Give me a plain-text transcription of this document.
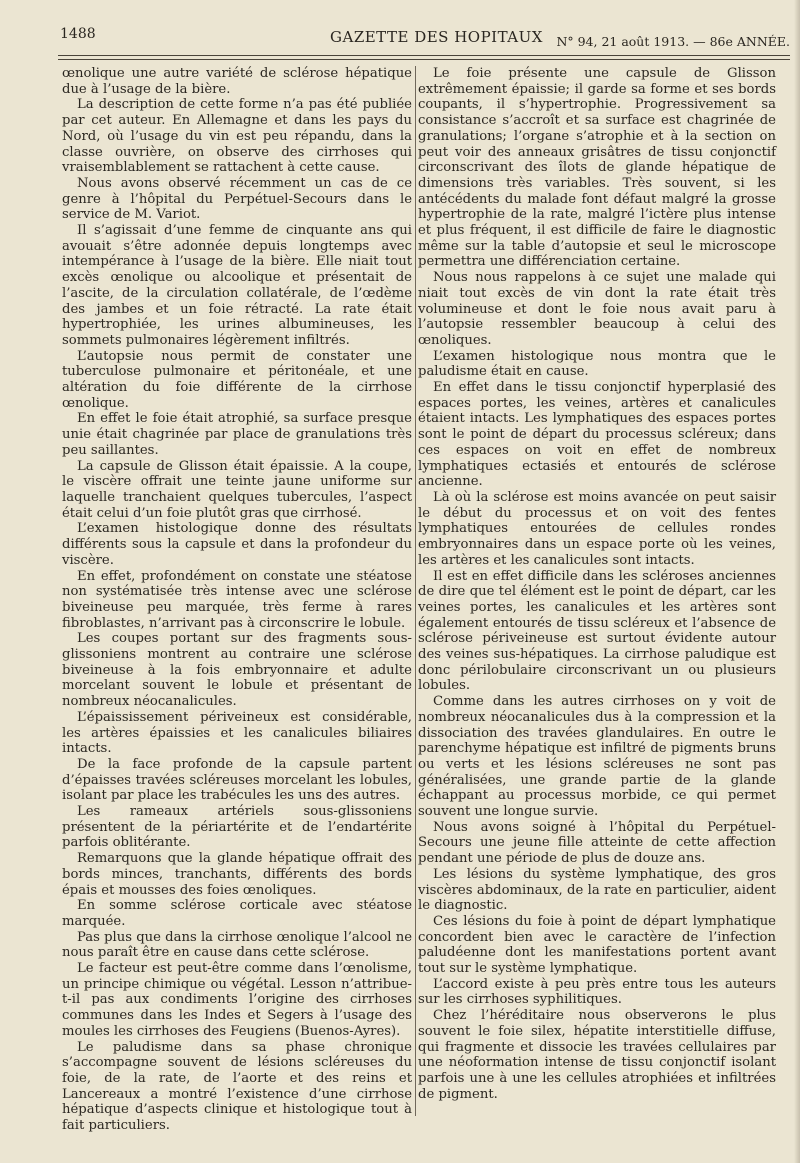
1488	GAZETTE DES HOPITAUX N° 94, 21 août 1913. — 86e ANNÉE.

œnolique une autre variété de sclérose hépatique due à l’usage de la bière.

La description de cette forme n’a pas été publiée par cet auteur. En Allemagne et dans les pays du Nord, où l’usage du vin est peu répandu, dans la classe ouvrière, on observe des cirrhoses qui vraisemblablement se rattachent à cette cause.

Nous avons observé récemment un cas de ce genre à l’hôpital du Perpétuel-Secours dans le service de M. Variot.

Il s’agissait d’une femme de cinquante ans qui avouait s’être adonnée depuis longtemps avec intempérance à l’usage de la bière. Elle niait tout excès œnolique ou alcoolique et présentait de l’ascite, de la circulation collatérale, de l’œdème des jambes et un foie rétracté. La rate était hypertrophiée, les urines albumineuses, les sommets pulmonaires légèrement infiltrés.

L’autopsie nous permit de constater une tuberculose pulmonaire et péritonéale, et une altération du foie différente de la cirrhose œnolique.

En effet le foie était atrophié, sa surface presque unie était chagrinée par place de granulations très peu saillantes.

La capsule de Glisson était épaissie. A la coupe, le viscère offrait une teinte jaune uniforme sur laquelle tranchaient quelques tubercules, l’aspect était celui d’un foie plutôt gras que cirrhosé.

L’examen histologique donne des résultats différents sous la capsule et dans la profondeur du viscère.

En effet, profondément on constate une stéatose non systématisée très intense avec une sclérose biveineuse peu marquée, très ferme à rares fibroblastes, n’arrivant pas à circonscrire le lobule.

Les coupes portant sur des fragments sous-glissoniens montrent au contraire une sclérose biveineuse à la fois embryonnaire et adulte morcelant souvent le lobule et présentant de nombreux néocanalicules.

L’épaississement périveineux est considérable, les artères épaissies et les canalicules biliaires intacts.

De la face profonde de la capsule partent d’épaisses travées scléreuses morcelant les lobules, isolant par place les trabécules les uns des autres.

Les rameaux artériels sous-glissoniens présentent de la périartérite et de l’endartérite parfois oblitérante.

Remarquons que la glande hépatique offrait des bords minces, tranchants, différents des bords épais et mousses des foies œnoliques.

En somme sclérose corticale avec stéatose marquée.

Pas plus que dans la cirrhose œnolique l’alcool ne nous paraît être en cause dans cette sclérose.

Le facteur est peut-être comme dans l’œnolisme, un principe chimique ou végétal. Lesson n’attribue-t-il pas aux condiments l’origine des cirrhoses communes dans les Indes et Segers à l’usage des moules les cirrhoses des Feugiens (Buenos-Ayres).

Le paludisme dans sa phase chronique s’accompagne souvent de lésions scléreuses du foie, de la rate, de l’aorte et des reins et Lancereaux a montré l’existence d’une cirrhose hépatique d’aspects clinique et histologique tout à fait particuliers.

Le foie présente une capsule de Glisson extrêmement épaissie; il garde sa forme et ses bords coupants, il s’hypertrophie. Progressivement sa consistance s’accroît et sa surface est chagrinée de granulations; l’organe s’atrophie et à la section on peut voir des anneaux grisâtres de tissu conjonctif circonscrivant des îlots de glande hépatique de dimensions très variables. Très souvent, si les antécédents du malade font défaut malgré la grosse hypertrophie de la rate, malgré l’ictère plus intense et plus fréquent, il est difficile de faire le diagnostic même sur la table d’autopsie et seul le microscope permettra une différenciation certaine.

Nous nous rappelons à ce sujet une malade qui niait tout excès de vin dont la rate était très volumineuse et dont le foie nous avait paru à l’autopsie ressembler beaucoup à celui des œnoliques.

L’examen histologique nous montra que le paludisme était en cause.

En effet dans le tissu conjonctif hyperplasié des espaces portes, les veines, artères et canalicules étaient intacts. Les lymphatiques des espaces portes sont le point de départ du processus scléreux; dans ces espaces on voit en effet de nombreux lymphatiques ectasiés et entourés de sclérose ancienne.

Là où la sclérose est moins avancée on peut saisir le début du processus et on voit des fentes lymphatiques entourées de cellules rondes embryonnaires dans un espace porte où les veines, les artères et les canalicules sont intacts.

Il est en effet difficile dans les scléroses anciennes de dire que tel élément est le point de départ, car les veines portes, les canalicules et les artères sont également entourés de tissu scléreux et l’absence de sclérose périveineuse est surtout évidente autour des veines sus-hépatiques. La cirrhose paludique est donc périlobulaire circonscrivant un ou plusieurs lobules.

Comme dans les autres cirrhoses on y voit de nombreux néocanalicules dus à la compression et la dissociation des travées glandulaires. En outre le parenchyme hépatique est infiltré de pigments bruns ou verts et les lésions scléreuses ne sont pas généralisées, une grande partie de la glande échappant au processus morbide, ce qui permet souvent une longue survie.

Nous avons soigné à l’hôpital du Perpétuel-Secours une jeune fille atteinte de cette affection pendant une période de plus de douze ans.

Les lésions du système lymphatique, des gros viscères abdominaux, de la rate en particulier, aident le diagnostic.

Ces lésions du foie à point de départ lymphatique concordent bien avec le caractère de l’infection paludéenne dont les manifestations portent avant tout sur le système lymphatique.

L’accord existe à peu près entre tous les auteurs sur les cirrhoses syphilitiques.

Chez l’héréditaire nous observerons le plus souvent le foie silex, hépatite interstitielle diffuse, qui fragmente et dissocie les travées cellulaires par une néoformation intense de tissu conjonctif isolant parfois une à une les cellules atrophiées et infiltrées de pigment.
